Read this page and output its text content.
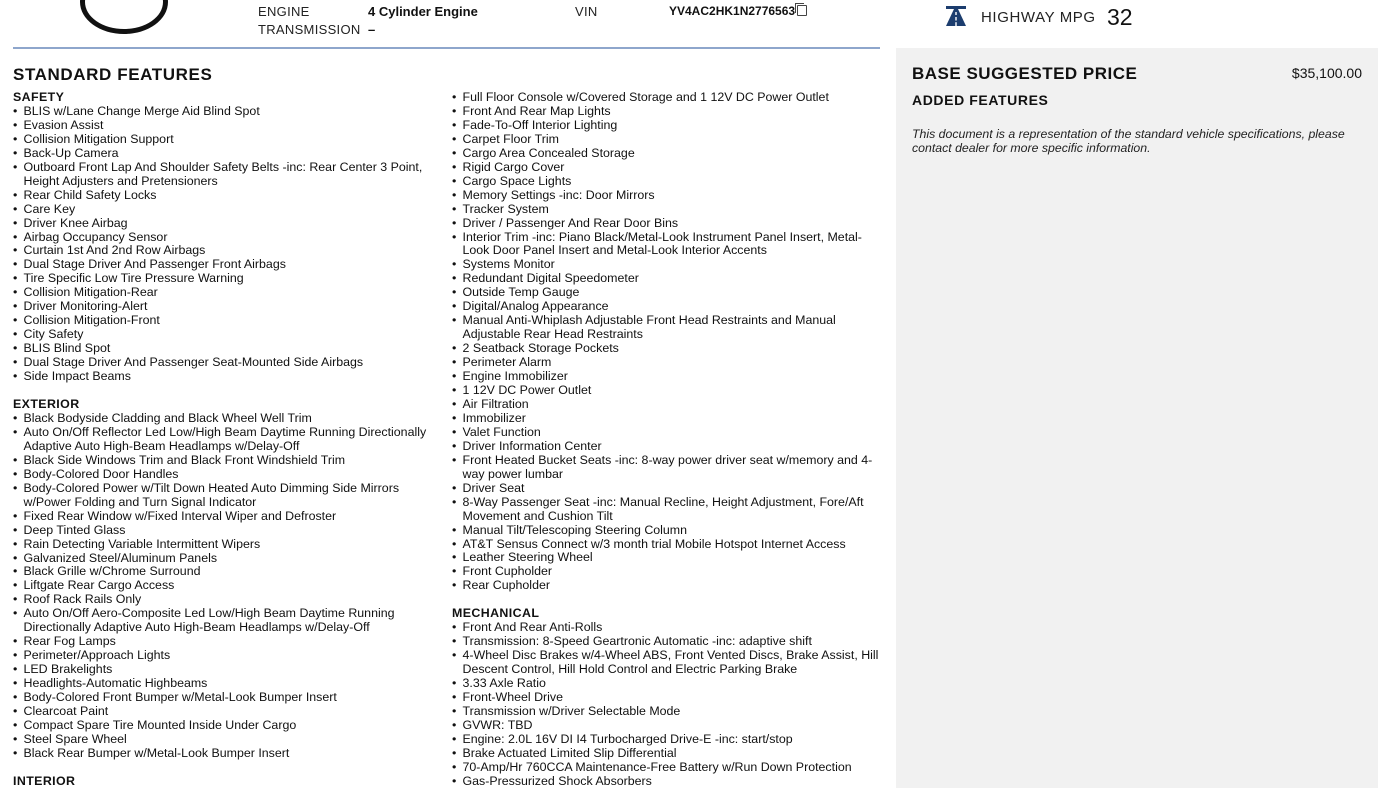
ENGINE	4 Cylinder Engine
TRANSMISSION –
VIN	YV4AC2HK1N2776563	HIGHWAY MPG 32
STANDARD FEATURES
SAFETY
• BLIS w/Lane Change Merge Aid Blind Spot
• Evasion Assist
• Collision Mitigation Support
• Back-Up Camera
• Outboard Front Lap And Shoulder Safety Belts -inc: Rear Center 3 Point, Height Adjusters and Pretensioners
• Rear Child Safety Locks
• Care Key
• Driver Knee Airbag
• Airbag Occupancy Sensor
• Curtain 1st And 2nd Row Airbags
• Dual Stage Driver And Passenger Front Airbags
• Tire Specific Low Tire Pressure Warning
• Collision Mitigation-Rear
• Driver Monitoring-Alert
• Collision Mitigation-Front
• City Safety
• BLIS Blind Spot
• Dual Stage Driver And Passenger Seat-Mounted Side Airbags
• Side Impact Beams
EXTERIOR
• Black Bodyside Cladding and Black Wheel Well Trim
• Auto On/Off Reflector Led Low/High Beam Daytime Running Directionally Adaptive Auto High-Beam Headlamps w/Delay-Off
• Black Side Windows Trim and Black Front Windshield Trim
• Body-Colored Door Handles
• Body-Colored Power w/Tilt Down Heated Auto Dimming Side Mirrors w/Power Folding and Turn Signal Indicator
• Fixed Rear Window w/Fixed Interval Wiper and Defroster
• Deep Tinted Glass
• Rain Detecting Variable Intermittent Wipers
• Galvanized Steel/Aluminum Panels
• Black Grille w/Chrome Surround
• Liftgate Rear Cargo Access
• Roof Rack Rails Only
• Auto On/Off Aero-Composite Led Low/High Beam Daytime Running Directionally Adaptive Auto High-Beam Headlamps w/Delay-Off
• Rear Fog Lamps
• Perimeter/Approach Lights
• LED Brakelights
• Headlights-Automatic Highbeams
• Body-Colored Front Bumper w/Metal-Look Bumper Insert
• Clearcoat Paint
• Compact Spare Tire Mounted Inside Under Cargo
• Steel Spare Wheel
• Black Rear Bumper w/Metal-Look Bumper Insert
INTERIOR
• Full Floor Console w/Covered Storage and 1 12V DC Power Outlet
• Front And Rear Map Lights
• Fade-To-Off Interior Lighting
• Carpet Floor Trim
• Cargo Area Concealed Storage
• Rigid Cargo Cover
• Cargo Space Lights
• Memory Settings -inc: Door Mirrors
• Tracker System
• Driver / Passenger And Rear Door Bins
• Interior Trim -inc: Piano Black/Metal-Look Instrument Panel Insert, Metal-Look Door Panel Insert and Metal-Look Interior Accents
• Systems Monitor
• Redundant Digital Speedometer
• Outside Temp Gauge
• Digital/Analog Appearance
• Manual Anti-Whiplash Adjustable Front Head Restraints and Manual Adjustable Rear Head Restraints
• 2 Seatback Storage Pockets
• Perimeter Alarm
• Engine Immobilizer
• 1 12V DC Power Outlet
• Air Filtration
• Immobilizer
• Valet Function
• Driver Information Center
• Front Heated Bucket Seats -inc: 8-way power driver seat w/memory and 4-way power lumbar
• Driver Seat
• 8-Way Passenger Seat -inc: Manual Recline, Height Adjustment, Fore/Aft Movement and Cushion Tilt
• Manual Tilt/Telescoping Steering Column
• AT&T Sensus Connect w/3 month trial Mobile Hotspot Internet Access
• Leather Steering Wheel
• Front Cupholder
• Rear Cupholder
MECHANICAL
• Front And Rear Anti-Rolls
• Transmission: 8-Speed Geartronic Automatic -inc: adaptive shift
• 4-Wheel Disc Brakes w/4-Wheel ABS, Front Vented Discs, Brake Assist, Hill Descent Control, Hill Hold Control and Electric Parking Brake
• 3.33 Axle Ratio
• Front-Wheel Drive
• Transmission w/Driver Selectable Mode
• GVWR: TBD
• Engine: 2.0L 16V DI I4 Turbocharged Drive-E -inc: start/stop
• Brake Actuated Limited Slip Differential
• 70-Amp/Hr 760CCA Maintenance-Free Battery w/Run Down Protection
• Gas-Pressurized Shock Absorbers
BASE SUGGESTED PRICE	$35,100.00
ADDED FEATURES
This document is a representation of the standard vehicle specifications, please contact dealer for more specific information.
